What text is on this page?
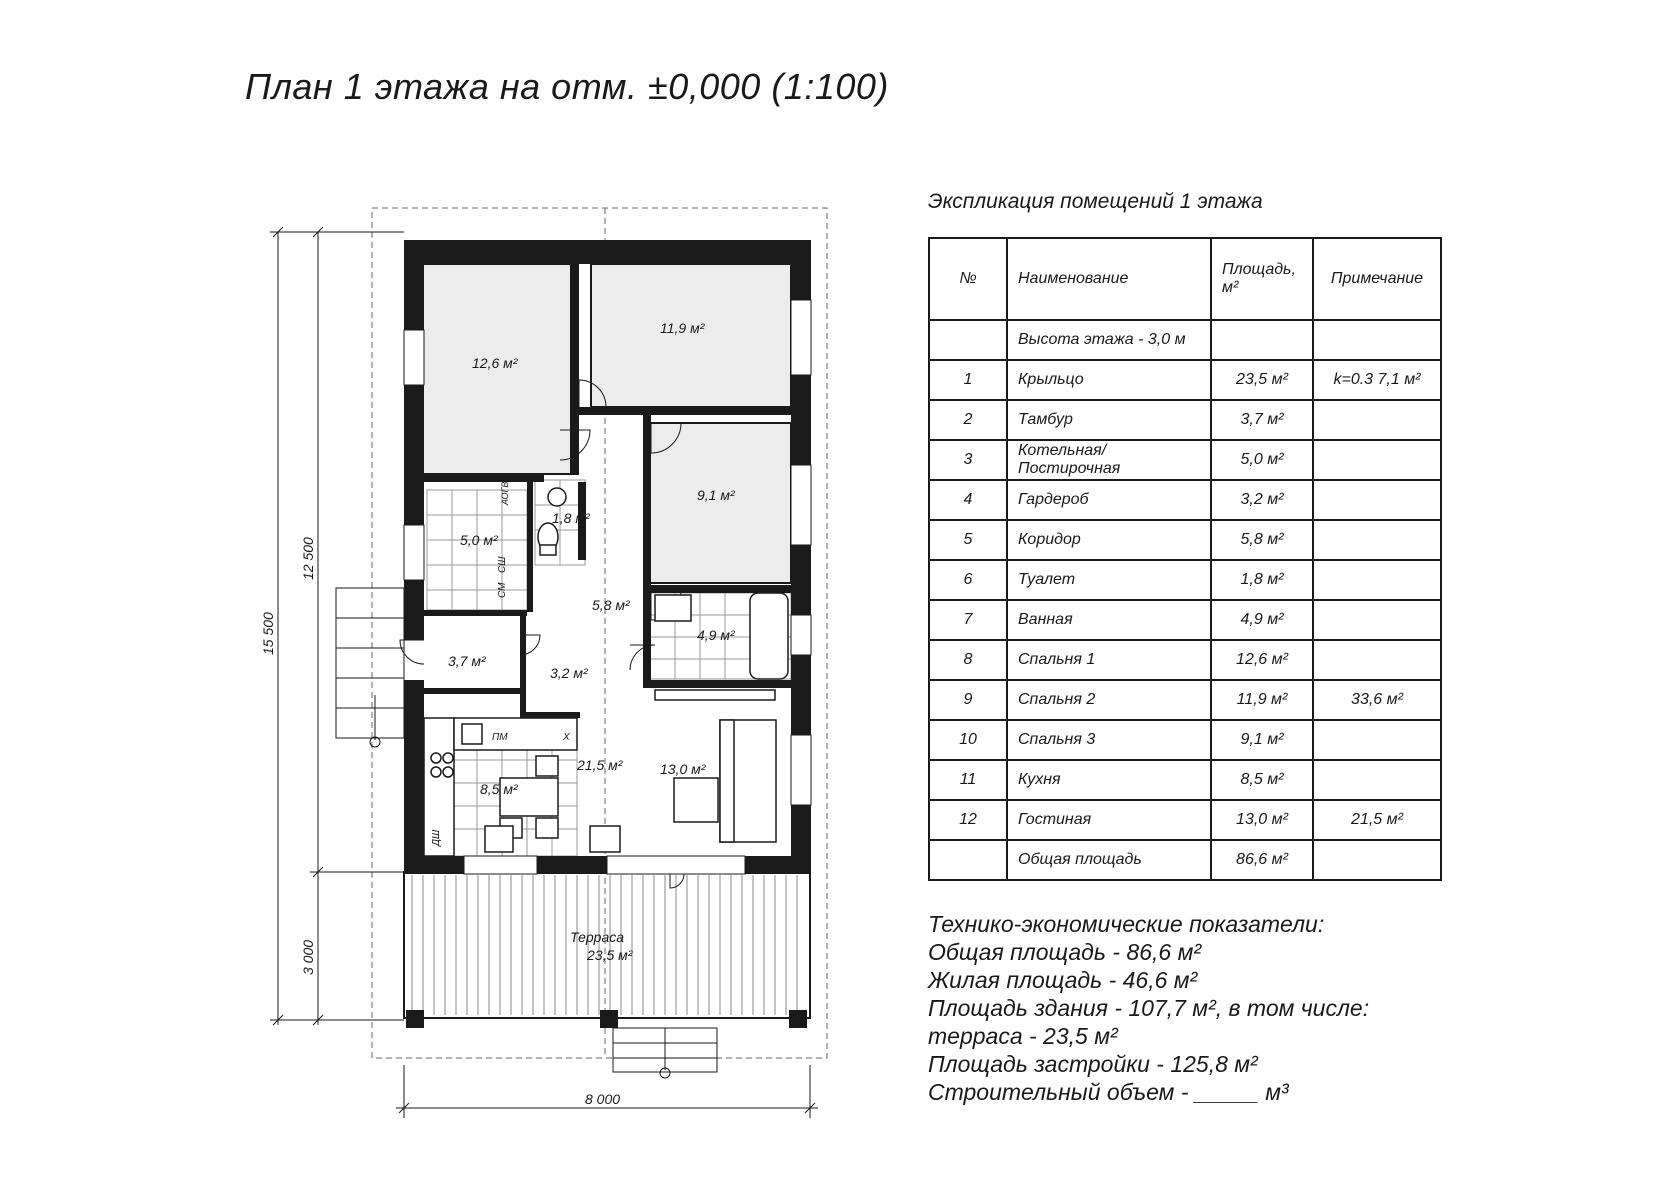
План 1 этажа на отм. ±0,000 (1:100)
12,6 м²
11,9 м²
9,1 м²
5,0 м²
1,8 м²
5,8 м²
4,9 м²
3,7 м²
3,2 м²
8,5 м²
21,5 м²	13,0 м²
Терраса
23,5 м²
СМ
СШ
ПМ	Х
ДШ
АОГВ
15 500
12 500
3 000
8 000
Экспликация помещений 1 этажа
№	Наименование	Площадь, м²	Примечание
	Высота этажа - 3,0 м		
1	Крыльцо	23,5 м²	k=0.3 7,1 м²
2	Тамбур	3,7 м²	
3	Котельная/ Постирочная	5,0 м²	
4	Гардероб	3,2 м²	
5	Коридор	5,8 м²	
6	Туалет	1,8 м²	
7	Ванная	4,9 м²	
8	Спальня 1	12,6 м²	
9	Спальня 2	11,9 м²	33,6 м²
10	Спальня 3	9,1 м²	
11	Кухня	8,5 м²	
12	Гостиная	13,0 м²	21,5 м²
	Общая площадь	86,6 м²	
Технико-экономические показатели:
Общая площадь - 86,6 м²
Жилая площадь - 46,6 м²
Площадь здания - 107,7 м², в том числе:
терраса - 23,5 м²
Площадь застройки - 125,8 м²
Строительный объем - _____ м³
